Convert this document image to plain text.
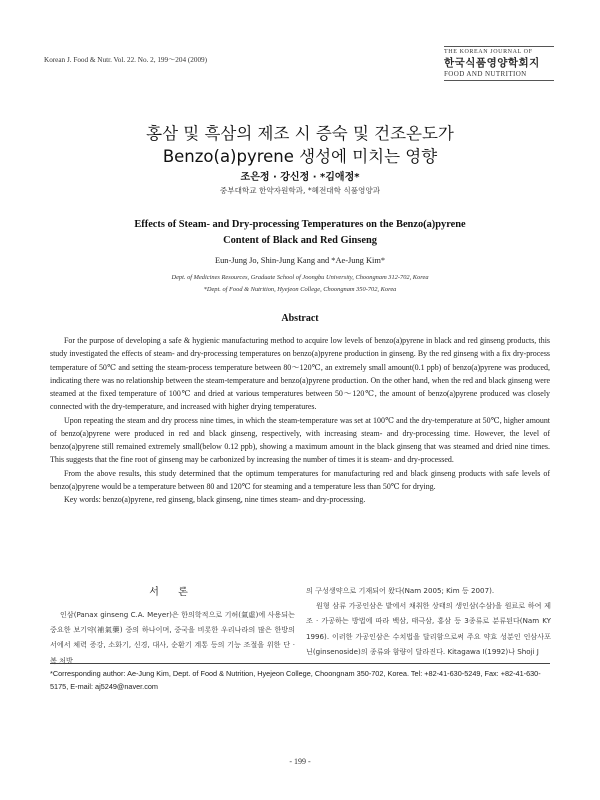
Korean J. Food & Nutr. Vol. 22. No. 2, 199～204 (2009)
THE KOREAN JOURNAL OF
한국식품영양학회지
FOOD AND NUTRITION
홍삼 및 흑삼의 제조 시 증숙 및 건조온도가
Benzo(a)pyrene 생성에 미치는 영향
조은정 · 강신정 · *김애정*
중부대학교 한약자원학과, *혜전대학 식품영양과
Effects of Steam- and Dry-processing Temperatures on the Benzo(a)pyrene
Content of Black and Red Ginseng
Eun-Jung Jo, Shin-Jung Kang and *Ae-Jung Kim*
Dept. of Medicines Resources, Graduate School of Joongbu University, Choongnam 312-702, Korea
*Dept. of Food & Nutrition, Hyejeon College, Choongnam 350-702, Korea
Abstract

For the purpose of developing a safe & hygienic manufacturing method to acquire low levels of benzo(a)pyrene in black and red ginseng products, this study investigated the effects of steam- and dry-processing temperatures on benzo(a)pyrene production in ginseng. By the red ginseng with a fix dry-process temperature of 50℃ and setting the steam-process temperature between 80～120℃, an extremely small amount(0.1 ppb) of benzo(a)pyrene was produced, indicating there was no relationship between the steam-temperature and benzo(a)pyrene production. On the other hand, when the red and black ginseng were steamed at the fixed temperature of 100℃ and dried at various temperatures between 50～120℃, the amount of benzo(a)pyrene produced was closely connected with the dry-temperature, and increased with higher drying temperatures.

Upon repeating the steam and dry process nine times, in which the steam-temperature was set at 100℃ and the dry-temperature at 50℃, higher amount of benzo(a)pyrene were produced in red and black ginseng, respectively, with increasing steam- and dry-processing time. However, the level of benzo(a)pyrene still remained extremely small(below 0.12 ppb), showing a maximum amount in the black ginseng that was steamed and dried nine times. This suggests that the fine root of ginseng may be carbonized by increasing the number of times it is steam- and dry-processed.

From the above results, this study determined that the optimum temperatures for manufacturing red and black ginseng products with safe levels of benzo(a)pyrene would be a temperature between 80 and 120℃ for steaming and a temperature less than 50℃ for drying.

Key words: benzo(a)pyrene, red ginseng, black ginseng, nine times steam- and dry-processing.

서 론

인삼(Panax ginseng C.A. Meyer)은 한의학적으로 기허(氣虛)에 사용되는 중요한 보기약(補氣藥) 중의 하나이며, 중국을 비롯한 우리나라의 많은 한방의서에서 체력 증강, 소화기, 신경, 대사, 순환기 계통 등의 기능 조절을 위한 단 · 복 처방

의 구성생약으로 기재되어 왔다(Nam 2005; Kim 등 2007).

원형 삼류 가공인삼은 밭에서 채취한 상태의 생인삼(수삼)을 원료로 하여 제조 · 가공하는 방법에 따라 백삼, 태극삼, 홍삼 등 3종류로 분류된다(Nam KY 1996). 이러한 가공인삼은 수치법을 달리함으로써 주요 약효 성분인 인삼사포닌(ginsenoside)의 종류와 함량이 달라진다. Kitagawa I(1992)나 Shoji J

*Corresponding author: Ae-Jung Kim, Dept. of Food & Nutrition, Hyejeon College, Choongnam 350-702, Korea. Tel: +82-41-630-5249, Fax: +82-41-630-5175, E-mail: aj5249@naver.com
- 199 -
